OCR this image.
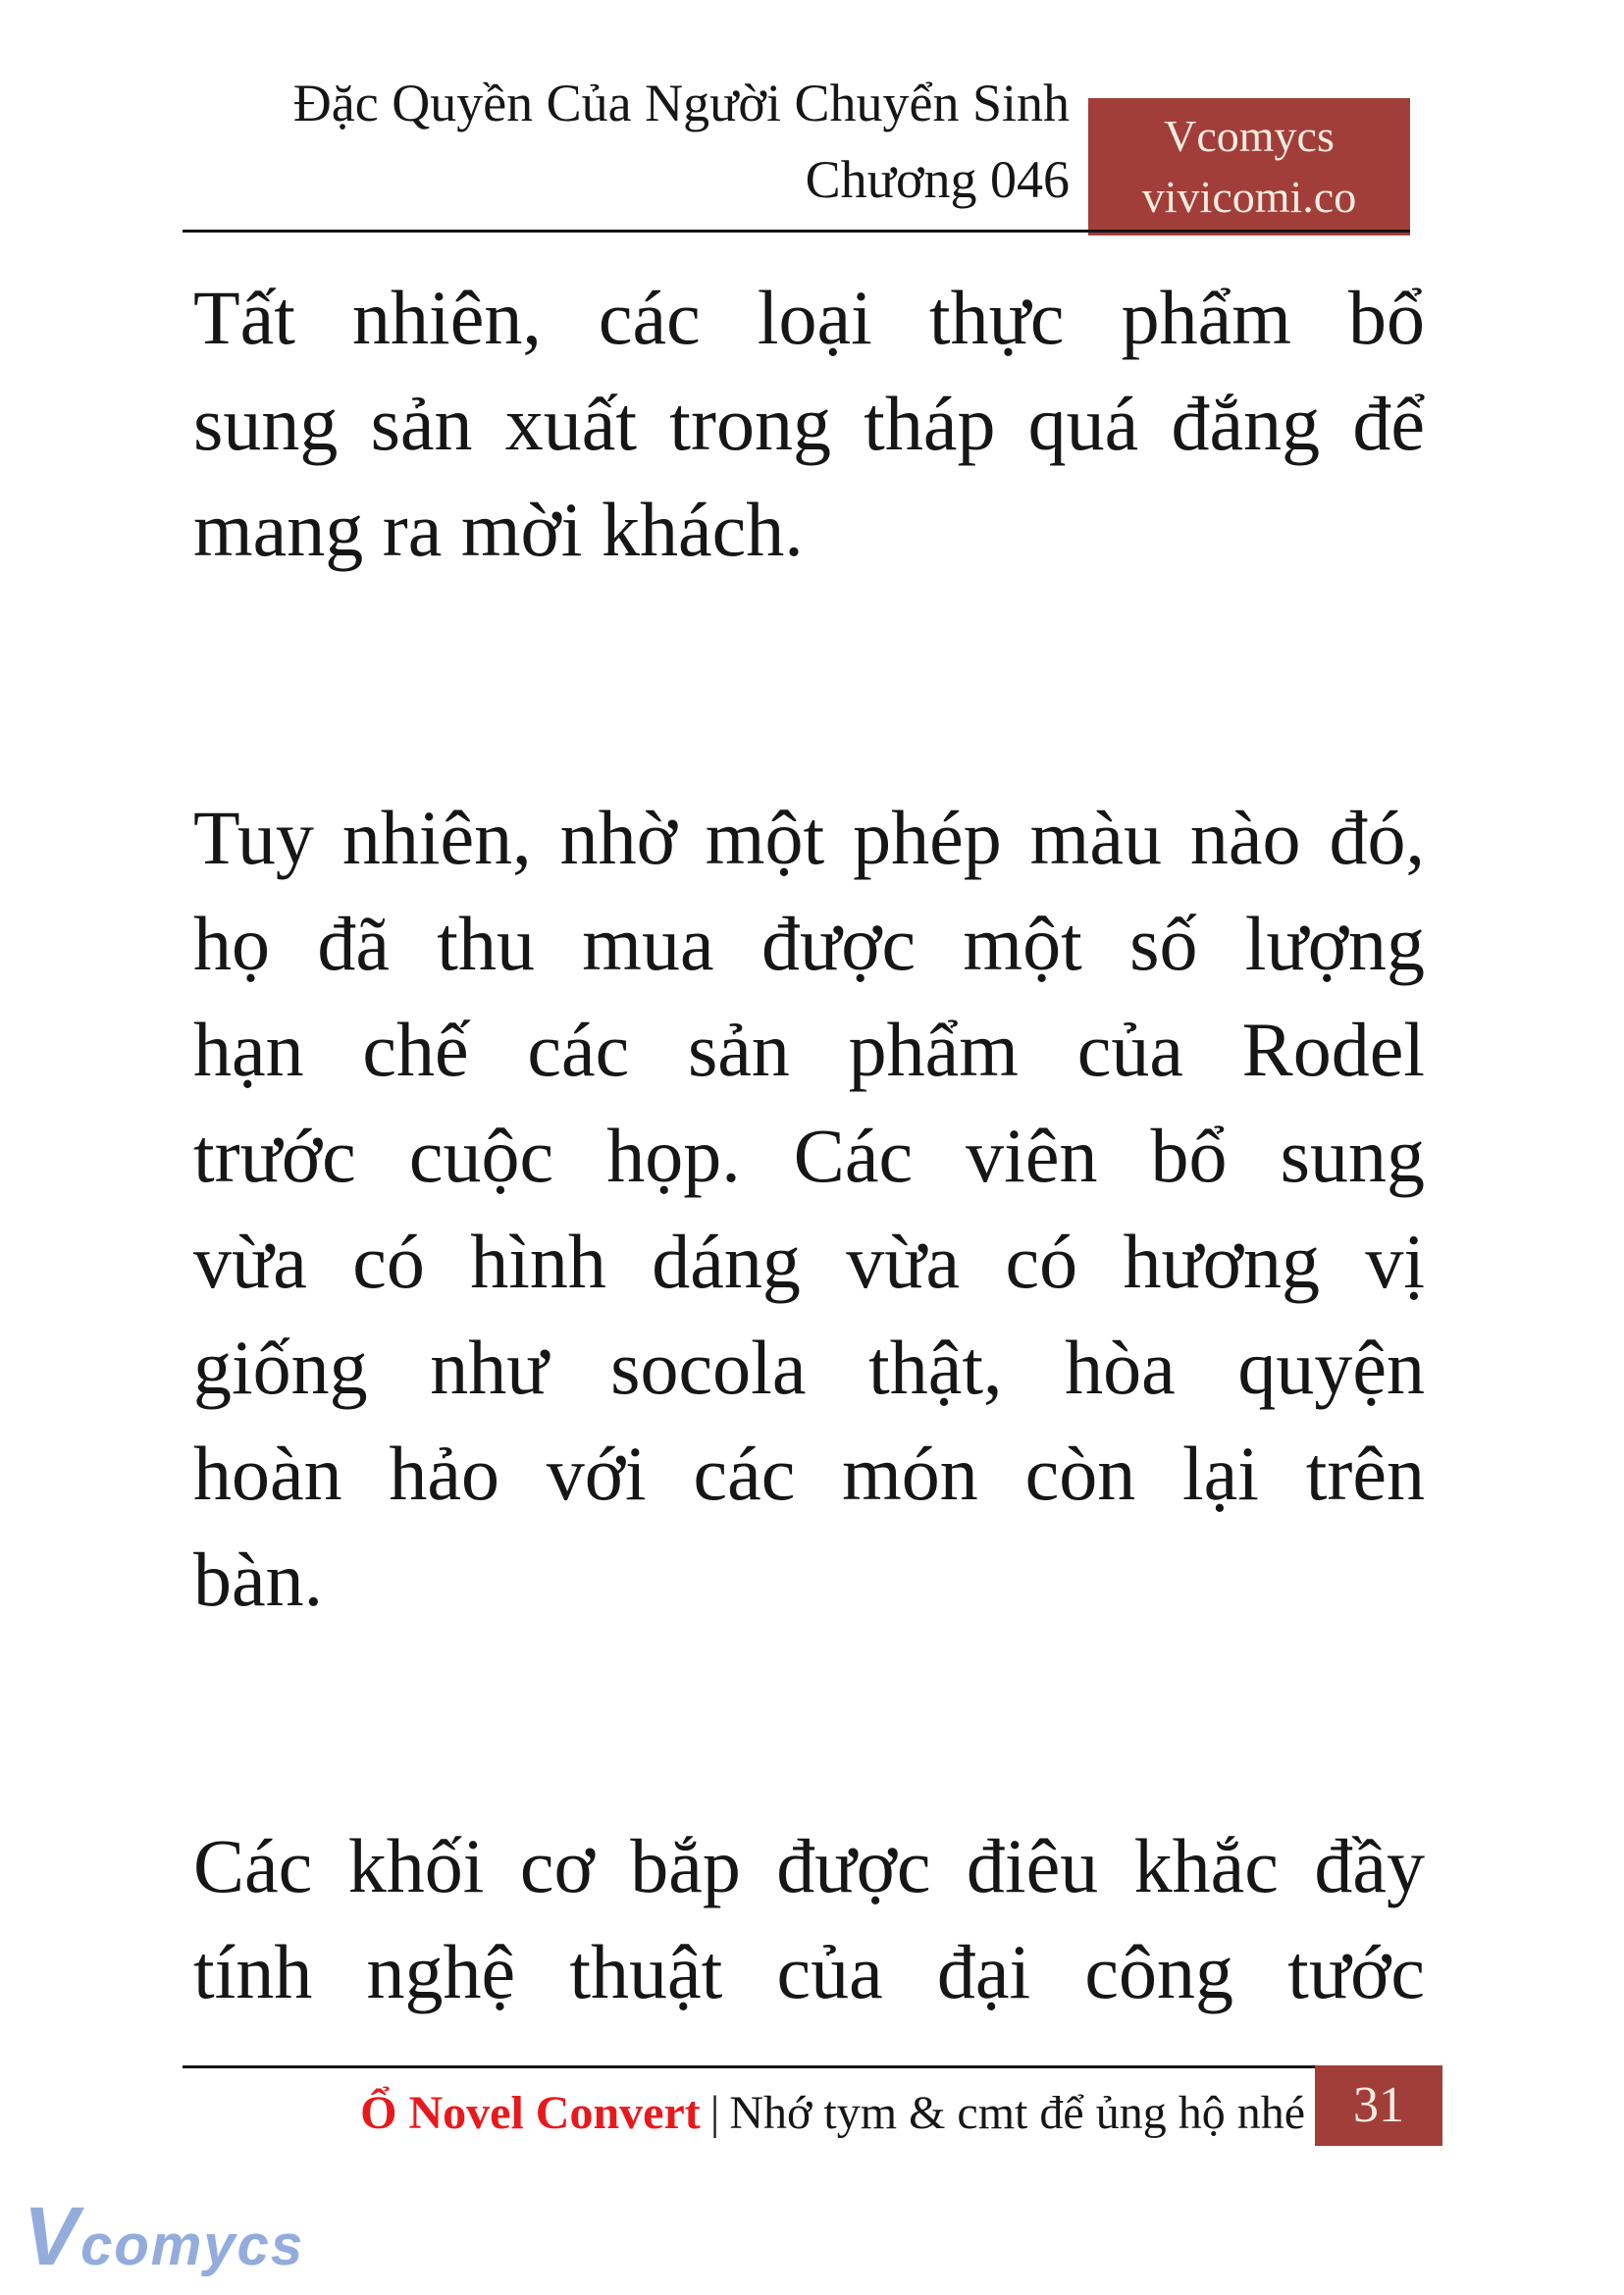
Đặc Quyền Của Người Chuyển Sinh
Chương 046
Vcomycs
vivicomi.co

Tất nhiên, các loại thực phẩm bổ
sung sản xuất trong tháp quá đắng để
mang ra mời khách.

Tuy nhiên, nhờ một phép màu nào đó,
họ đã thu mua được một số lượng
hạn chế các sản phẩm của Rodel
trước cuộc họp. Các viên bổ sung
vừa có hình dáng vừa có hương vị
giống như socola thật, hòa quyện
hoàn hảo với các món còn lại trên
bàn.

Các khối cơ bắp được điêu khắc đầy
tính nghệ thuật của đại công tước

Ổ Novel Convert | Nhớ tym & cmt để ủng hộ nhé 31
Vcomycs
